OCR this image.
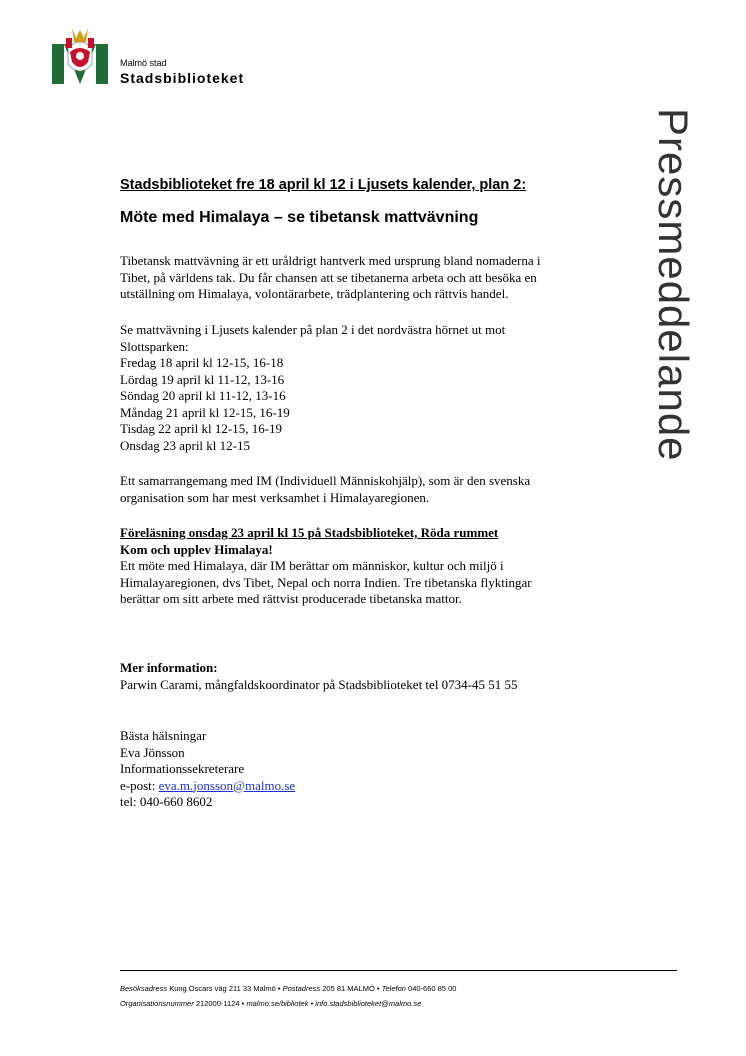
Malmö stad
Stadsbiblioteket
Pressmeddelande
Stadsbiblioteket fre 18 april kl 12 i Ljusets kalender, plan 2:
Möte med Himalaya – se tibetansk mattvävning

Tibetansk mattvävning är ett uråldrigt hantverk med ursprung bland nomaderna i

Tibet, på världens tak. Du får chansen att se tibetanerna arbeta och att besöka en

utställning om Himalaya, volontärarbete, trädplantering och rättvis handel.

Se mattvävning i Ljusets kalender på plan 2 i det nordvästra hörnet ut mot

Slottsparken:

Fredag 18 april kl 12-15, 16-18

Lördag 19 april kl 11-12, 13-16

Söndag 20 april kl 11-12, 13-16

Måndag 21 april kl 12-15, 16-19

Tisdag 22 april kl 12-15, 16-19

Onsdag 23 april kl 12-15

Ett samarrangemang med IM (Individuell Människohjälp), som är den svenska

organisation som har mest verksamhet i Himalayaregionen.

Föreläsning onsdag 23 april kl 15 på Stadsbiblioteket, Röda rummet

Kom och upplev Himalaya!

Ett möte med Himalaya, där IM berättar om människor, kultur och miljö i

Himalayaregionen, dvs Tibet, Nepal och norra Indien. Tre tibetanska flyktingar

berättar om sitt arbete med rättvist producerade tibetanska mattor.

Mer information:

Parwin Carami, mångfaldskoordinator på Stadsbiblioteket tel 0734-45 51 55

Bästa hälsningar

Eva Jönsson

Informationssekreterare

e-post: eva.m.jonsson@malmo.se

tel: 040-660 8602

Besöksadress Kung Oscars väg 211 33 Malmö • Postadress 205 81 MALMÖ • Telefon 040-660 85 00
Organisationsnummer 212000-1124 • malmo.se/bibliotek • info.stadsbiblioteket@malmo.se
